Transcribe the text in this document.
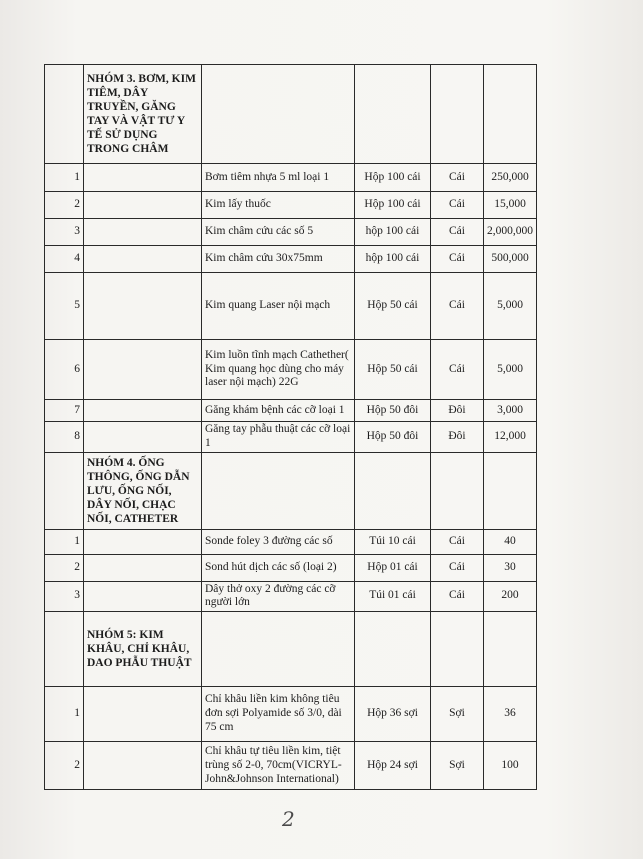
	NHÓM 3. BƠM, KIM TIÊM, DÂY TRUYỀN, GĂNG TAY VÀ VẬT TƯ Y TẾ SỬ DỤNG TRONG CHÂM				
1		Bơm tiêm nhựa 5 ml loại 1	Hộp 100 cái	Cái	250,000
2		Kim lấy thuốc	Hộp 100 cái	Cái	15,000
3		Kim châm cứu các số 5	hộp 100 cái	Cái	2,000,000
4		Kim châm cứu 30x75mm	hộp 100 cái	Cái	500,000
5		Kim quang Laser nội mạch	Hộp 50 cái	Cái	5,000
6		Kim luồn tĩnh mạch Cathether( Kim quang học dùng cho máy laser nội mạch) 22G	Hộp 50 cái	Cái	5,000
7		Găng khám bệnh các cỡ loại 1	Hộp 50 đôi	Đôi	3,000
8		Găng tay phẫu thuật các cỡ loại 1	Hộp 50 đôi	Đôi	12,000
	NHÓM 4. ỐNG THÔNG, ỐNG DẪN LƯU, ỐNG NỐI, DÂY NỐI, CHẠC NỐI, CATHETER				
1		Sonde foley 3 đường các số	Túi 10 cái	Cái	40
2		Sond hút dịch các số (loại 2)	Hộp 01 cái	Cái	30
3		Dây thở oxy 2 đường các cỡ người lớn	Túi 01 cái	Cái	200
	NHÓM 5: KIM KHÂU, CHỈ KHÂU, DAO PHẪU THUẬT				
1		Chỉ khâu liền kim không tiêu đơn sợi Polyamide số 3/0, dài 75 cm	Hộp 36 sợi	Sợi	36
2		Chỉ khâu tự tiêu liền kim, tiệt trùng số 2-0, 70cm(VICRYL-John&Johnson International)	Hộp 24 sợi	Sợi	100
2
